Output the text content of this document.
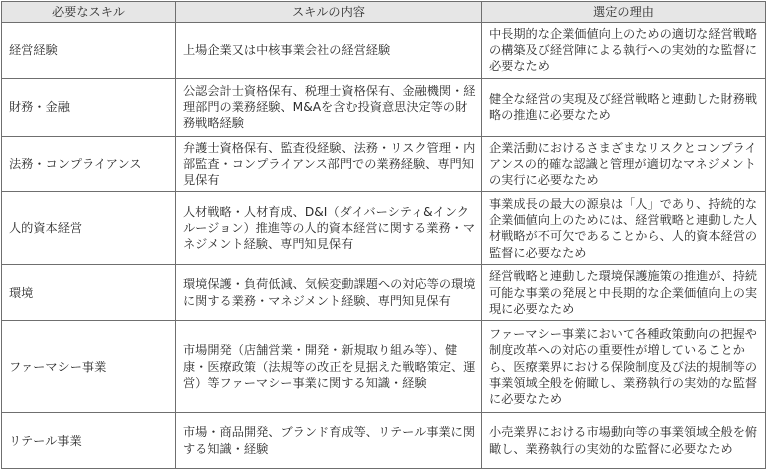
必要なスキル	スキルの内容	選定の理由
経営経験	上場企業又は中核事業会社の経営経験	中長期的な企業価値向上のための適切な経営戦略の構築及び経営陣による執行への実効的な監督に必要なため
財務・金融	公認会計士資格保有、税理士資格保有、金融機関・経理部門の業務経験、M&Aを含む投資意思決定等の財務戦略経験	健全な経営の実現及び経営戦略と連動した財務戦略の推進に必要なため
法務・コンプライアンス	弁護士資格保有、監査役経験、法務・リスク管理・内部監査・コンプライアンス部門での業務経験、専門知見保有	企業活動におけるさまざまなリスクとコンプライアンスの的確な認識と管理が適切なマネジメントの実行に必要なため
人的資本経営	人材戦略・人材育成、D&I（ダイバーシティ&インクルージョン）推進等の人的資本経営に関する業務・マネジメント経験、専門知見保有	事業成長の最大の源泉は「人」であり、持続的な企業価値向上のためには、経営戦略と連動した人材戦略が不可欠であることから、人的資本経営の監督に必要なため
環境	環境保護・負荷低減、気候変動課題への対応等の環境に関する業務・マネジメント経験、専門知見保有	経営戦略と連動した環境保護施策の推進が、持続可能な事業の発展と中長期的な企業価値向上の実現に必要なため
ファーマシー事業	市場開発（店舗営業・開発・新規取り組み等）、健康・医療政策（法規等の改正を見据えた戦略策定、運営）等ファーマシー事業に関する知識・経験	ファーマシー事業において各種政策動向の把握や制度改革への対応の重要性が増していることから、医療業界における保険制度及び法的規制等の事業領域全般を俯瞰し、業務執行の実効的な監督に必要なため
リテール事業	市場・商品開発、ブランド育成等、リテール事業に関する知識・経験	小売業界における市場動向等の事業領域全般を俯瞰し、業務執行の実効的な監督に必要なため
